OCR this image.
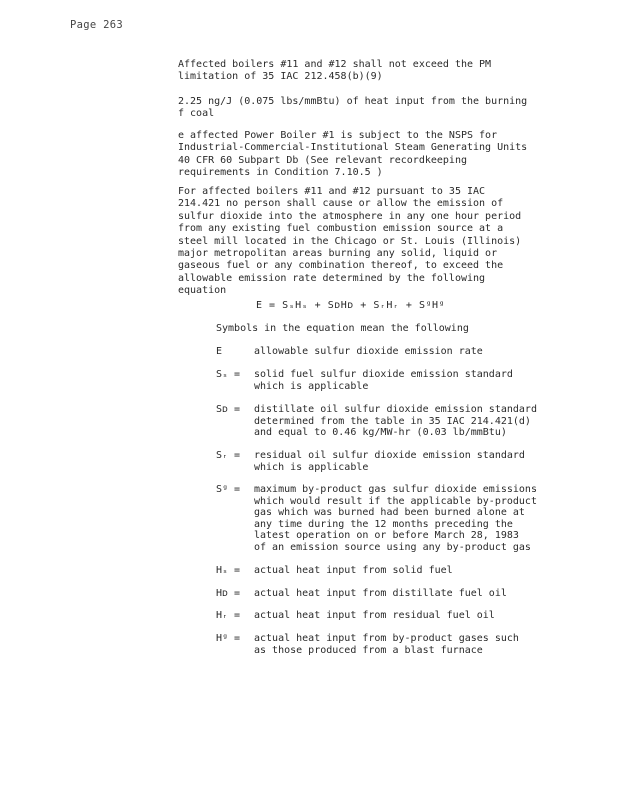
Page 263
Affected boilers #11 and #12 shall not exceed the PM
limitation of 35 IAC 212.458(b)(9)
2.25 ng/J (0.075 lbs/mmBtu) of heat input from the burning
f coal
e affected Power Boiler #1 is subject to the NSPS for
Industrial-Commercial-Institutional Steam Generating Units
40 CFR 60 Subpart Db (See relevant recordkeeping
requirements in Condition 7.10.5 )
For affected boilers #11 and #12 pursuant to 35 IAC
214.421 no person shall cause or allow the emission of
sulfur dioxide into the atmosphere in any one hour period
from any existing fuel combustion emission source at a
steel mill located in the Chicago or St. Louis (Illinois)
major metropolitan areas burning any solid, liquid or
gaseous fuel or any combination thereof, to exceed the
allowable emission rate determined by the following
equation
E = SₛHₛ + SᴅHᴅ + SᵣHᵣ + SᵍHᵍ
Symbols in the equation mean the following
E	allowable sulfur dioxide emission rate
Sₛ =	solid fuel sulfur dioxide emission standard
which is applicable
Sᴅ =	distillate oil sulfur dioxide emission standard
determined from the table in 35 IAC 214.421(d)
and equal to 0.46 kg/MW-hr (0.03 lb/mmBtu)
Sᵣ =	residual oil sulfur dioxide emission standard
which is applicable
Sᵍ =	maximum by-product gas sulfur dioxide emissions
which would result if the applicable by-product
gas which was burned had been burned alone at
any time during the 12 months preceding the
latest operation on or before March 28, 1983
of an emission source using any by-product gas
Hₛ =	actual heat input from solid fuel
Hᴅ =	actual heat input from distillate fuel oil
Hᵣ =	actual heat input from residual fuel oil
Hᵍ =	actual heat input from by-product gases such
as those produced from a blast furnace
